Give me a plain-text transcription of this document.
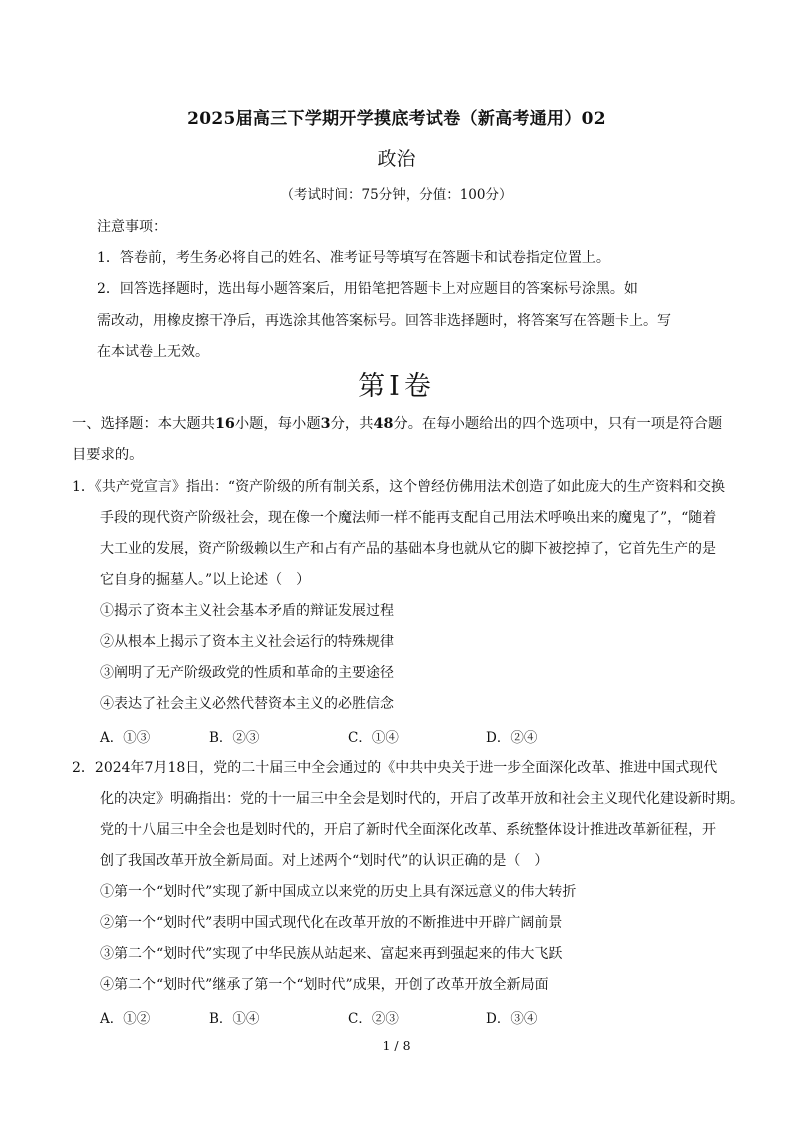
2025届高三下学期开学摸底考试卷（新高考通用）02
政治
（考试时间：75分钟，分值：100分）
注意事项：
1．答卷前，考生务必将自己的姓名、准考证号等填写在答题卡和试卷指定位置上。
2．回答选择题时，选出每小题答案后，用铅笔把答题卡上对应题目的答案标号涂黑。如
需改动，用橡皮擦干净后，再选涂其他答案标号。回答非选择题时，将答案写在答题卡上。写
在本试卷上无效。
第Ⅰ卷
一、选择题：本大题共16小题，每小题3分，共48分。在每小题给出的四个选项中，只有一项是符合题
目要求的。
1．《共产党宣言》指出：“资产阶级的所有制关系，这个曾经仿佛用法术创造了如此庞大的生产资料和交换
手段的现代资产阶级社会，现在像一个魔法师一样不能再支配自己用法术呼唤出来的魔鬼了”，“随着
大工业的发展，资产阶级赖以生产和占有产品的基础本身也就从它的脚下被挖掉了，它首先生产的是
它自身的掘墓人。”以上论述（　）
①揭示了资本主义社会基本矛盾的辩证发展过程
②从根本上揭示了资本主义社会运行的特殊规律
③阐明了无产阶级政党的性质和革命的主要途径
④表达了社会主义必然代替资本主义的必胜信念
A．①③	B．②③	C．①④	D．②④
2．2024年7月18日，党的二十届三中全会通过的《中共中央关于进一步全面深化改革、推进中国式现代
化的决定》明确指出：党的十一届三中全会是划时代的，开启了改革开放和社会主义现代化建设新时期。
党的十八届三中全会也是划时代的，开启了新时代全面深化改革、系统整体设计推进改革新征程，开
创了我国改革开放全新局面。对上述两个“划时代”的认识正确的是（　）
①第一个“划时代”实现了新中国成立以来党的历史上具有深远意义的伟大转折
②第一个“划时代”表明中国式现代化在改革开放的不断推进中开辟广阔前景
③第二个“划时代”实现了中华民族从站起来、富起来再到强起来的伟大飞跃
④第二个“划时代”继承了第一个“划时代”成果，开创了改革开放全新局面
A．①②	B．①④	C．②③	D．③④
1 / 8
